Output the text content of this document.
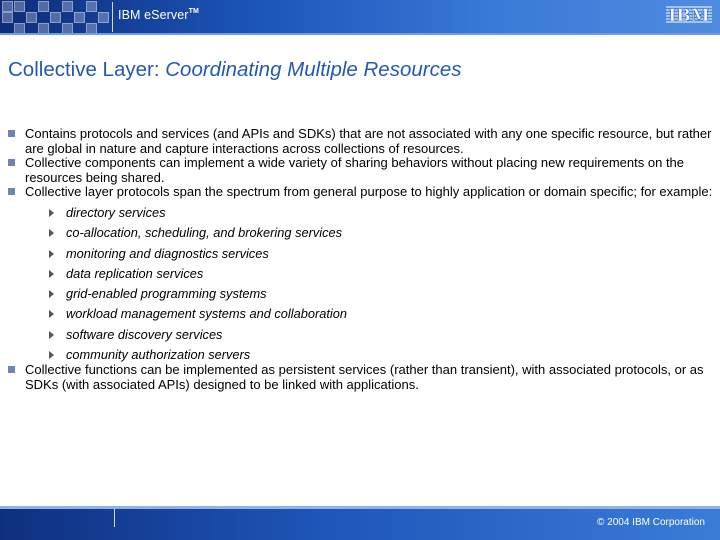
IBM eServer™	IBM
Collective Layer: Coordinating Multiple Resources
Contains protocols and services (and APIs and SDKs) that are not associated with any one specific resource, but rather are global in nature and capture interactions across collections of resources.
Collective components can implement a wide variety of sharing behaviors without placing new requirements on the resources being shared.
Collective layer protocols span the spectrum from general purpose to highly application or domain specific; for example:
directory services
co-allocation, scheduling, and brokering services
monitoring and diagnostics services
data replication services
grid-enabled programming systems
workload management systems and collaboration
software discovery services
community authorization servers
Collective functions can be implemented as persistent services (rather than transient), with associated protocols, or as SDKs (with associated APIs) designed to be linked with applications.
© 2004 IBM Corporation
